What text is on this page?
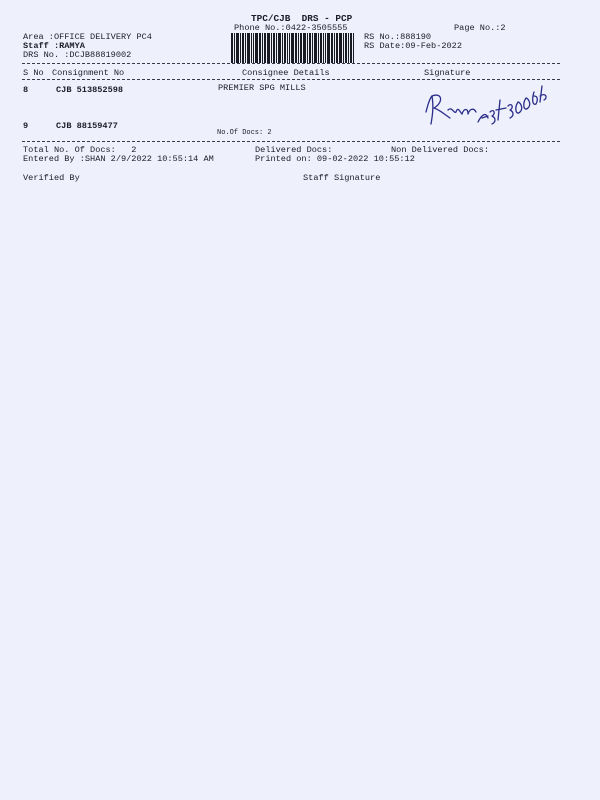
TPC/CJB  DRS - PCP
Phone No.:0422-3505555	Page No.:2
Area :OFFICE DELIVERY PC4
Staff :RAMYA
DRS No. :DCJB88819002
RS No.:888190
RS Date:09-Feb-2022
S No Consignment No	Consignee Details	Signature
8	CJB 513852598	PREMIER SPG MILLS
9	CJB 88159477
No.Of Docs: 2
Total No. Of Docs:   2	Delivered Docs:	Non Delivered Docs:
Entered By :SHAN 2/9/2022 10:55:14 AM	Printed on: 09-02-2022 10:55:12
Verified By	Staff Signature
